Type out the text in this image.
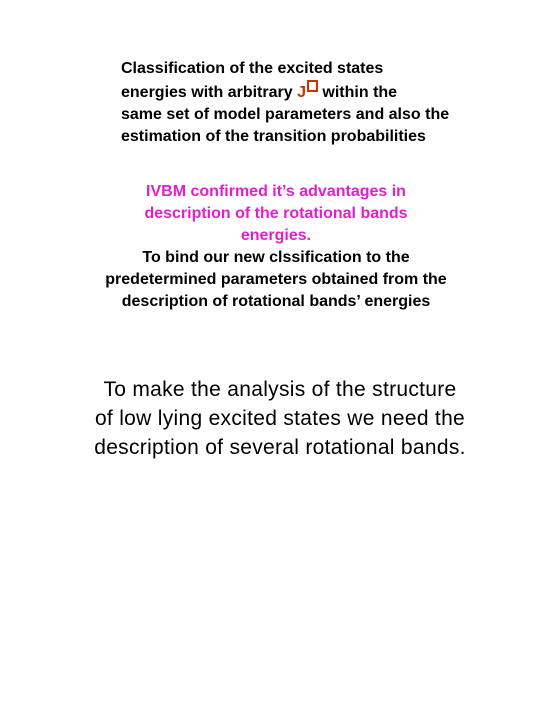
Classification of the excited states
energies with arbitrary J within the
same set of model parameters and also the
estimation of the transition probabilities
IVBM confirmed it’s advantages in
description of the rotational bands
energies.
To bind our new clssification to the
predetermined parameters obtained from the
description of rotational bands’ energies
To make the analysis of the structure
of low lying excited states we need the
description of several rotational bands.
